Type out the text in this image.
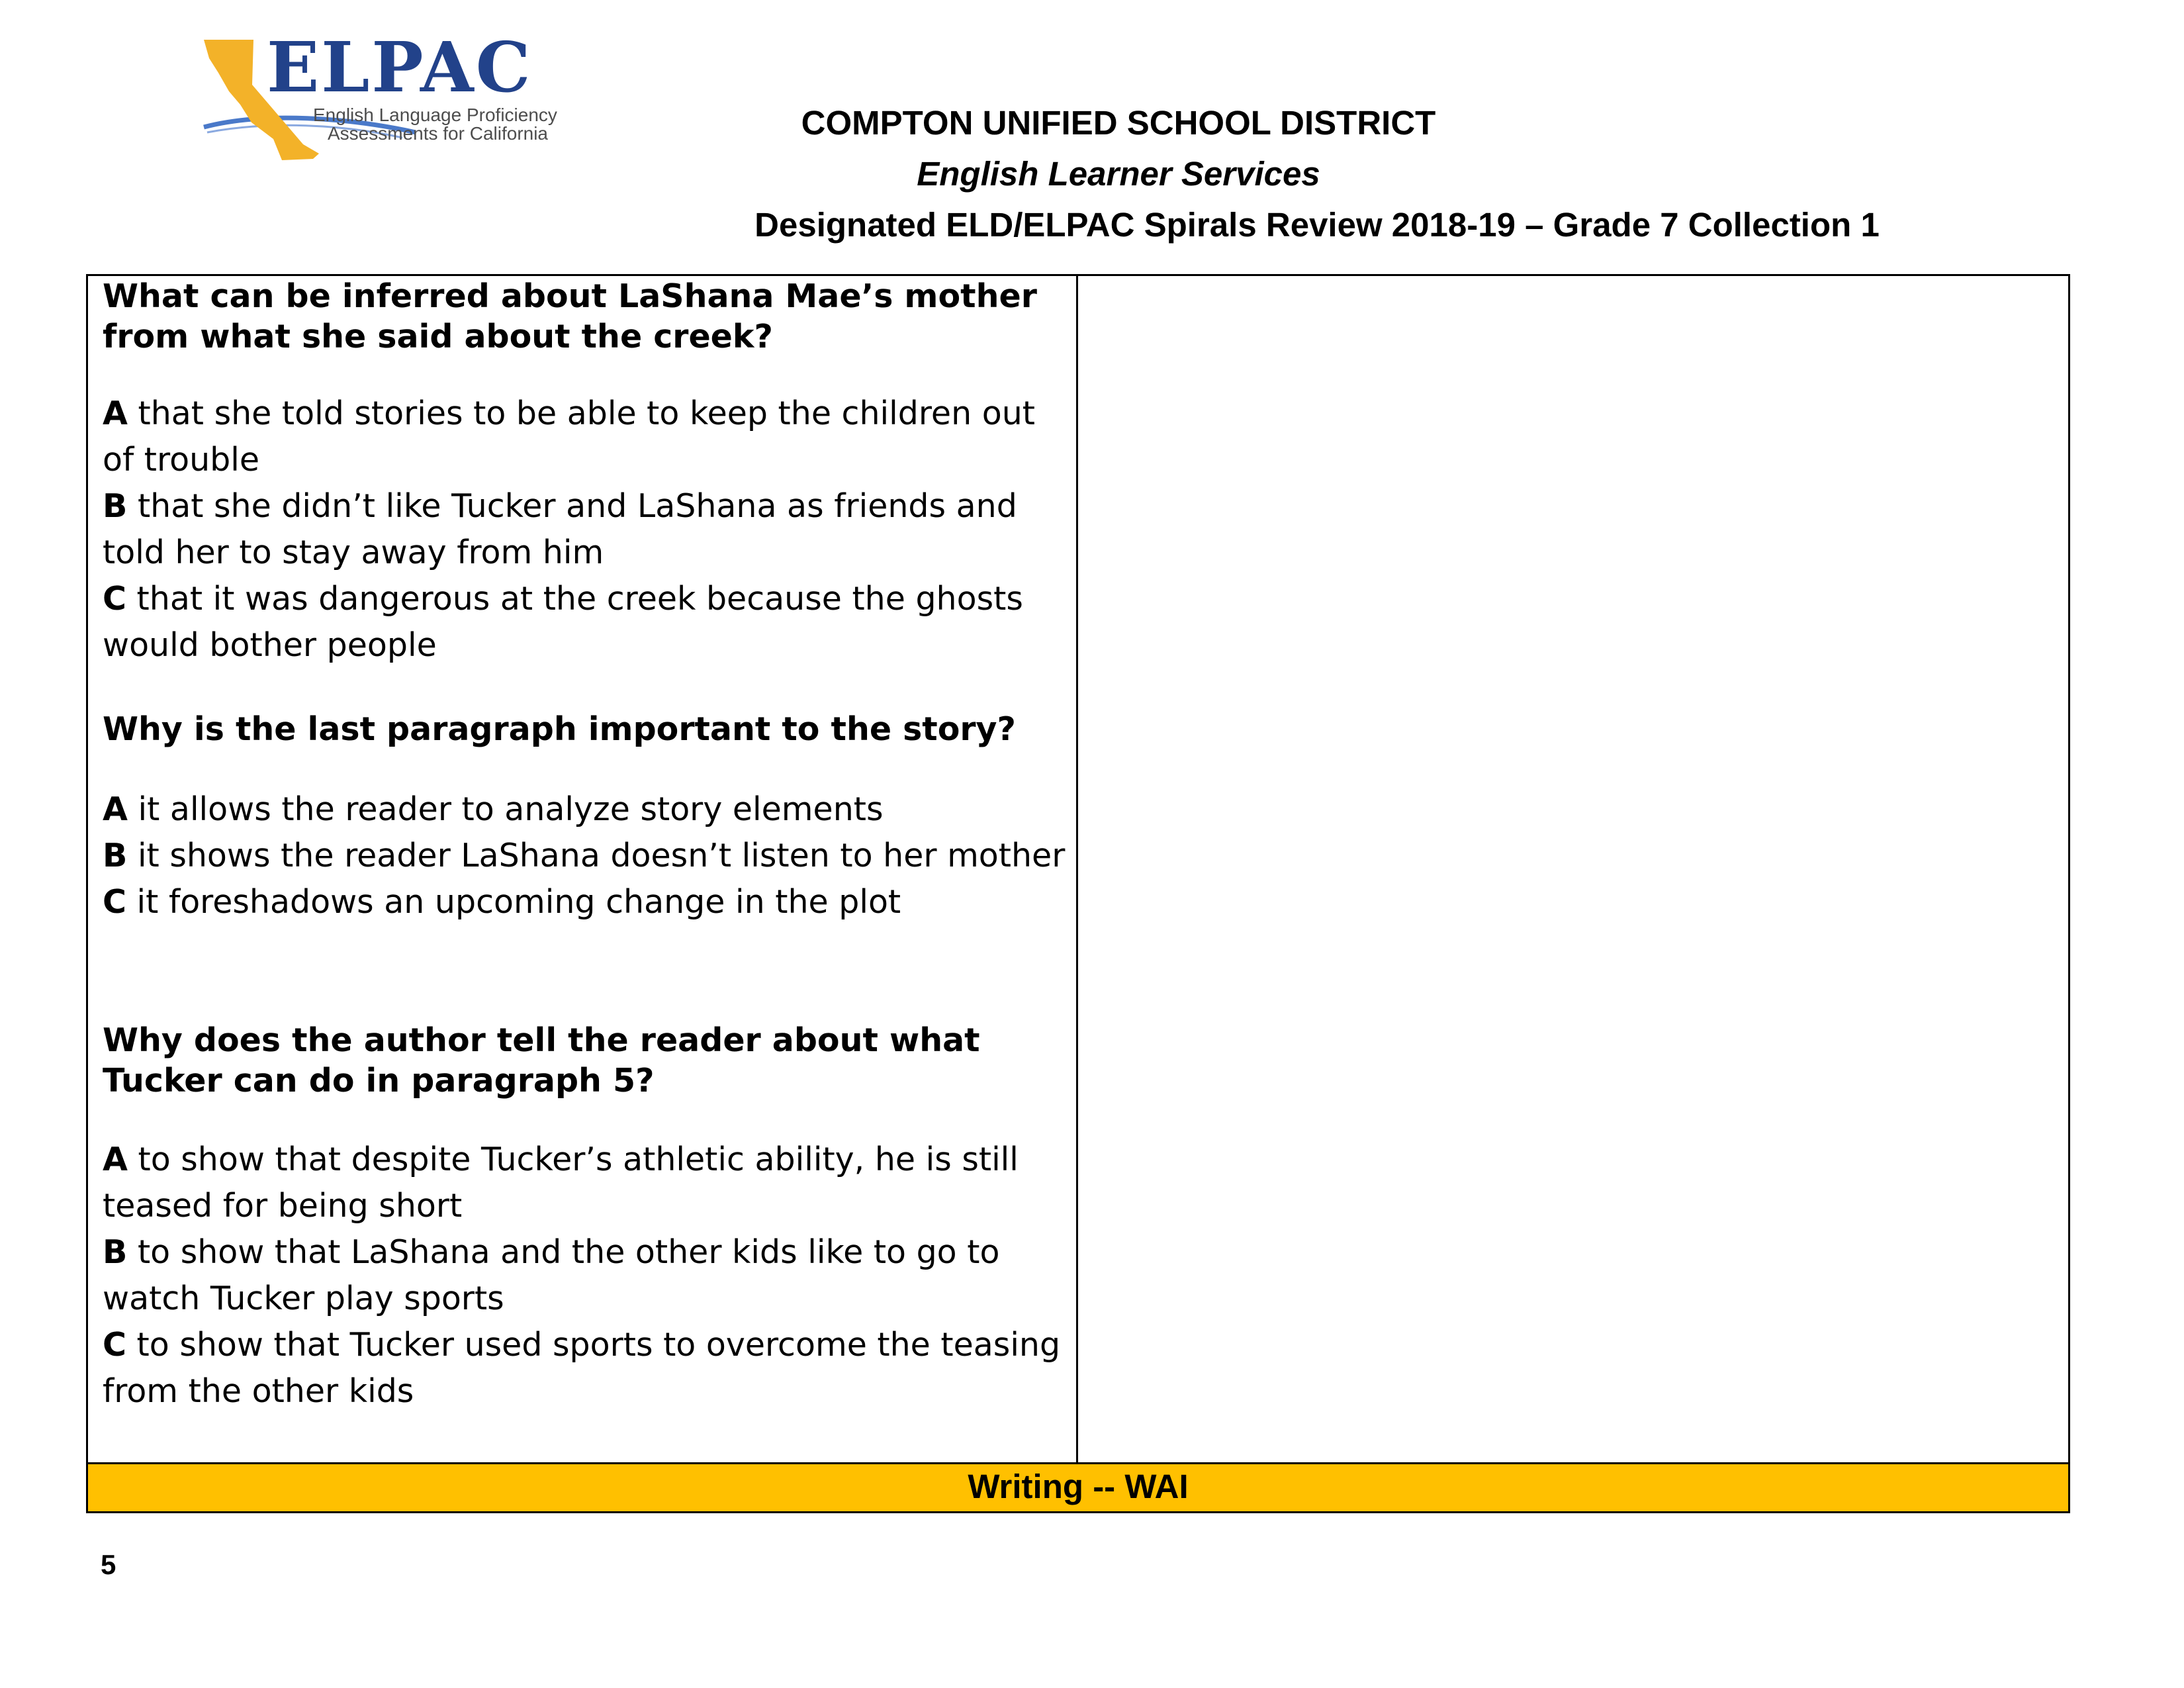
ELPAC
English Language Proficiency
Assessments for California	COMPTON UNIFIED SCHOOL DISTRICT
English Learner Services
Designated ELD/ELPAC Spirals Review 2018-19 – Grade 7 Collection 1
What can be inferred about LaShana Mae’s mother from what she said about the creek?
A that she told stories to be able to keep the children out of trouble
B that she didn’t like Tucker and LaShana as friends and told her to stay away from him
C that it was dangerous at the creek because the ghosts would bother people
Why is the last paragraph important to the story?
A it allows the reader to analyze story elements
B it shows the reader LaShana doesn’t listen to her mother
C it foreshadows an upcoming change in the plot
Why does the author tell the reader about what Tucker can do in paragraph 5?
A to show that despite Tucker’s athletic ability, he is still teased for being short
B to show that LaShana and the other kids like to go to watch Tucker play sports
C to show that Tucker used sports to overcome the teasing from the other kids
Writing -- WAI
5
